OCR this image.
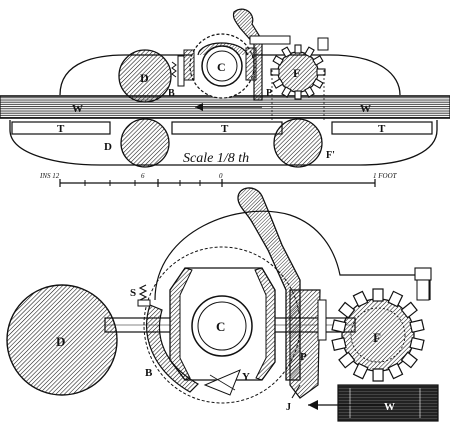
D
C	F
B	P
W	W
T	T	T
D
F'
Scale 1/8 th
INS 12	6	0	1 FOOT
D
C
F
S
B	Y
P
J	W
